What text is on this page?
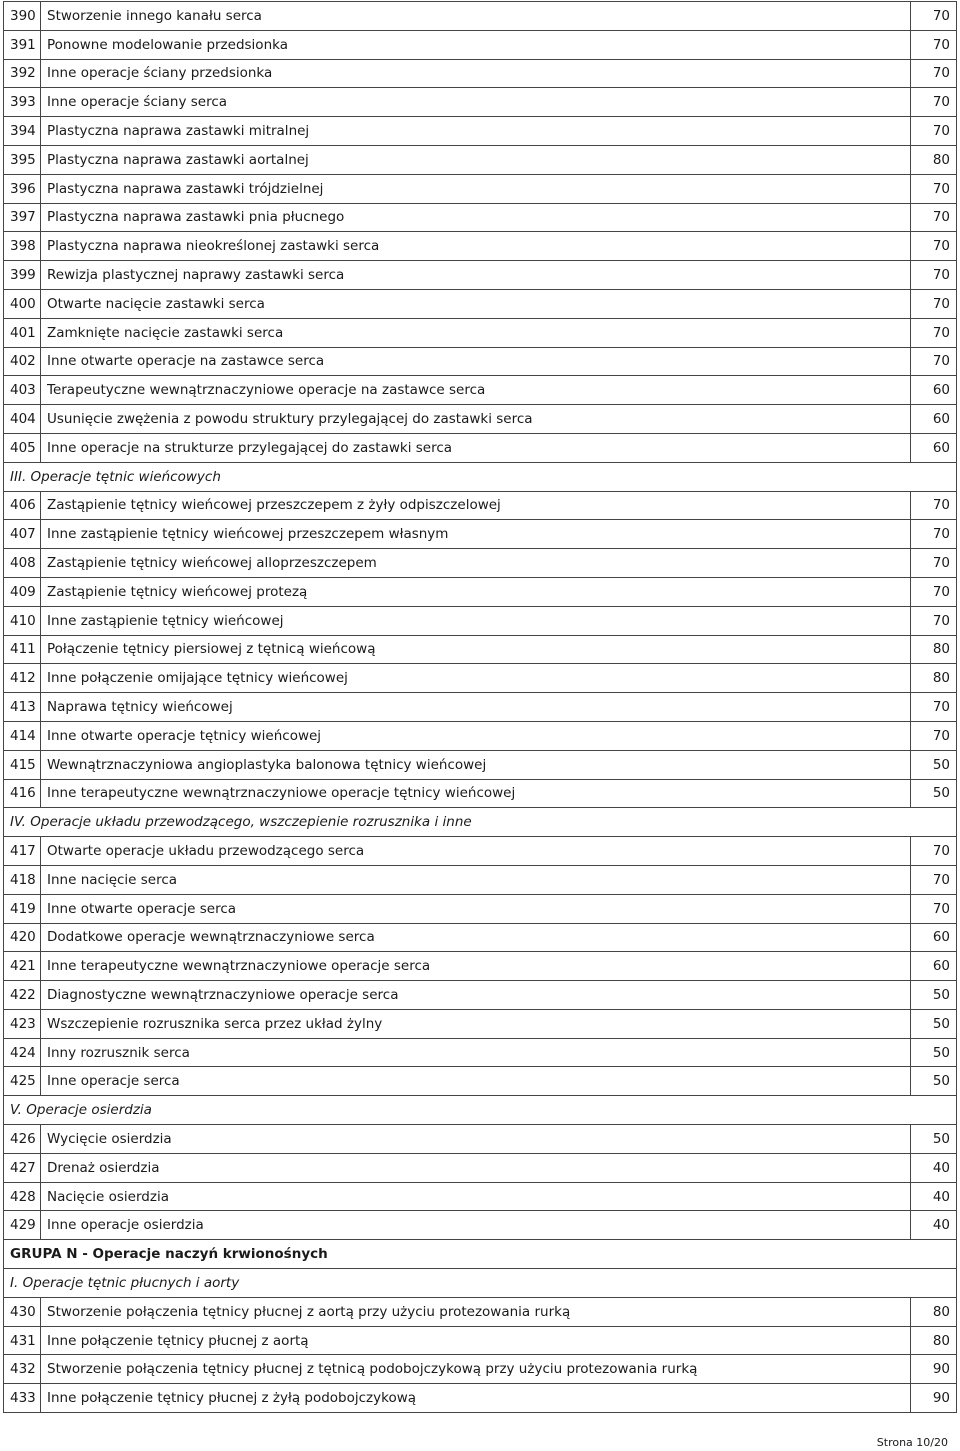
390	Stworzenie innego kanału serca	70
391	Ponowne modelowanie przedsionka	70
392	Inne operacje ściany przedsionka	70
393	Inne operacje ściany serca	70
394	Plastyczna naprawa zastawki mitralnej	70
395	Plastyczna naprawa zastawki aortalnej	80
396	Plastyczna naprawa zastawki trójdzielnej	70
397	Plastyczna naprawa zastawki pnia płucnego	70
398	Plastyczna naprawa nieokreślonej zastawki serca	70
399	Rewizja plastycznej naprawy zastawki serca	70
400	Otwarte nacięcie zastawki serca	70
401	Zamknięte nacięcie zastawki serca	70
402	Inne otwarte operacje na zastawce serca	70
403	Terapeutyczne wewnątrznaczyniowe operacje na zastawce serca	60
404	Usunięcie zwężenia z powodu struktury przylegającej do zastawki serca	60
405	Inne operacje na strukturze przylegającej do zastawki serca	60
III. Operacje tętnic wieńcowych		
406	Zastąpienie tętnicy wieńcowej przeszczepem z żyły odpiszczelowej	70
407	Inne zastąpienie tętnicy wieńcowej przeszczepem własnym	70
408	Zastąpienie tętnicy wieńcowej alloprzeszczepem	70
409	Zastąpienie tętnicy wieńcowej protezą	70
410	Inne zastąpienie tętnicy wieńcowej	70
411	Połączenie tętnicy piersiowej z tętnicą wieńcową	80
412	Inne połączenie omijające tętnicy wieńcowej	80
413	Naprawa tętnicy wieńcowej	70
414	Inne otwarte operacje tętnicy wieńcowej	70
415	Wewnątrznaczyniowa angioplastyka balonowa tętnicy wieńcowej	50
416	Inne terapeutyczne wewnątrznaczyniowe operacje tętnicy wieńcowej	50
IV. Operacje układu przewodzącego, wszczepienie rozrusznika i inne		
417	Otwarte operacje układu przewodzącego serca	70
418	Inne nacięcie serca	70
419	Inne otwarte operacje serca	70
420	Dodatkowe operacje wewnątrznaczyniowe serca	60
421	Inne terapeutyczne wewnątrznaczyniowe operacje serca	60
422	Diagnostyczne wewnątrznaczyniowe operacje serca	50
423	Wszczepienie rozrusznika serca przez układ żylny	50
424	Inny rozrusznik serca	50
425	Inne operacje serca	50
V. Operacje osierdzia		
426	Wycięcie osierdzia	50
427	Drenaż osierdzia	40
428	Nacięcie osierdzia	40
429	Inne operacje osierdzia	40
GRUPA N - Operacje naczyń krwionośnych		
I. Operacje tętnic płucnych i aorty		
430	Stworzenie połączenia tętnicy płucnej z aortą przy użyciu protezowania rurką	80
431	Inne połączenie tętnicy płucnej z aortą	80
432	Stworzenie połączenia tętnicy płucnej z tętnicą podobojczykową przy użyciu protezowania rurką	90
433	Inne połączenie tętnicy płucnej z żyłą podobojczykową	90
Strona 10/20
